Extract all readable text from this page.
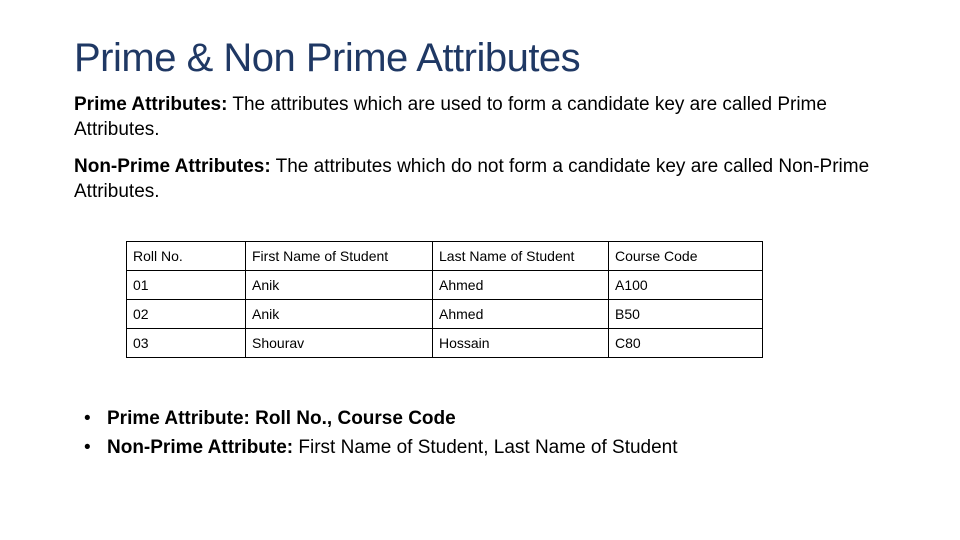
Prime & Non Prime Attributes
Prime Attributes: The attributes which are used to form a candidate key are called Prime Attributes.
Non-Prime Attributes: The attributes which do not form a candidate key are called Non-Prime Attributes.
Roll No.	First Name of Student	Last Name of Student	Course Code
01	Anik	Ahmed	A100
02	Anik	Ahmed	B50
03	Shourav	Hossain	C80
• Prime Attribute: Roll No., Course Code
• Non-Prime Attribute: First Name of Student, Last Name of Student
